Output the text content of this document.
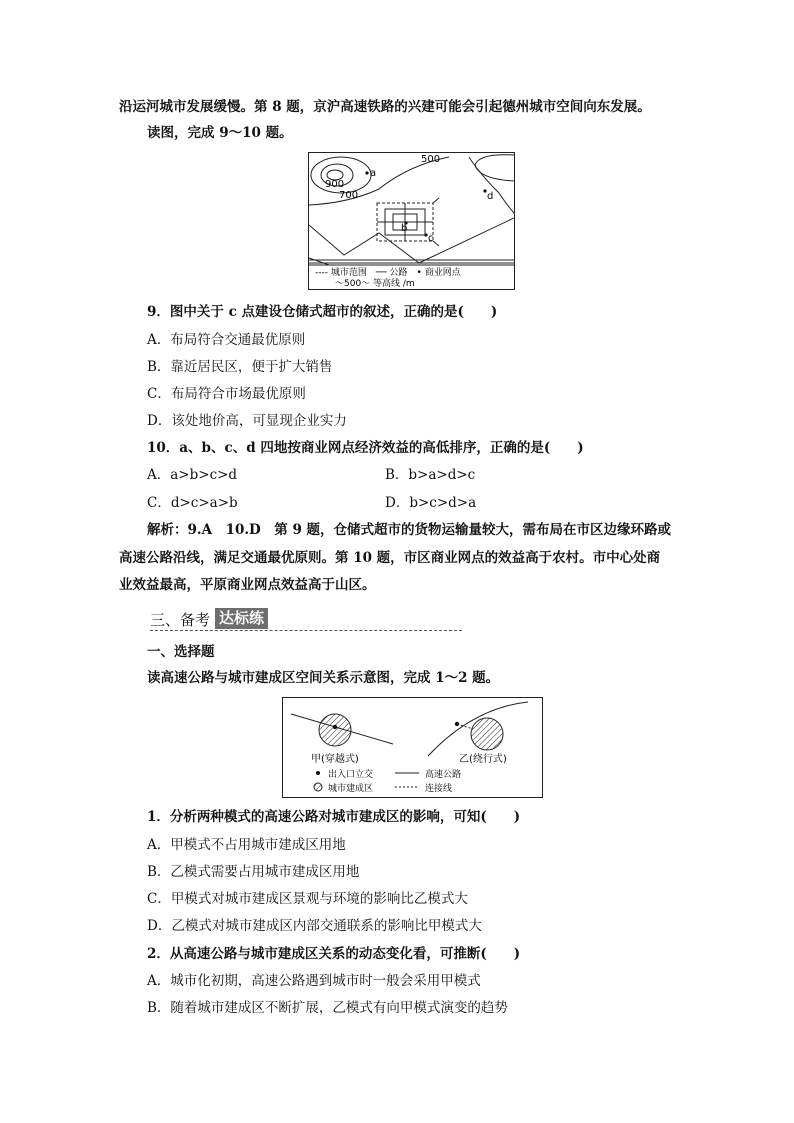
沿运河城市发展缓慢。第 8 题，京沪高速铁路的兴建可能会引起德州城市空间向东发展。
读图，完成 9～10 题。
900
700
500
a
b
c
d
---- 城市范围　── 公路　• 商业网点
～500～ 等高线 /m
9．图中关于 c 点建设仓储式超市的叙述，正确的是(　　)
A．布局符合交通最优原则
B．靠近居民区，便于扩大销售
C．布局符合市场最优原则
D．该处地价高，可显现企业实力
10．a、b、c、d 四地按商业网点经济效益的高低排序，正确的是(　　)
A．a>b>c>d	B．b>a>d>c
C．d>c>a>b	D．b>c>d>a
解析：9.A　10.D　第 9 题，仓储式超市的货物运输量较大，需布局在市区边缘环路或
高速公路沿线，满足交通最优原则。第 10 题，市区商业网点的效益高于农村。市中心处商
业效益最高，平原商业网点效益高于山区。
三、备考 达标练
一、选择题
读高速公路与城市建成区空间关系示意图，完成 1～2 题。
甲(穿越式)	乙(绕行式)
出入口立交	高速公路
城市建成区	连接线
1．分析两种模式的高速公路对城市建成区的影响，可知(　　)
A．甲模式不占用城市建成区用地
B．乙模式需要占用城市建成区用地
C．甲模式对城市建成区景观与环境的影响比乙模式大
D．乙模式对城市建成区内部交通联系的影响比甲模式大
2．从高速公路与城市建成区关系的动态变化看，可推断(　　)
A．城市化初期，高速公路遇到城市时一般会采用甲模式
B．随着城市建成区不断扩展，乙模式有向甲模式演变的趋势
